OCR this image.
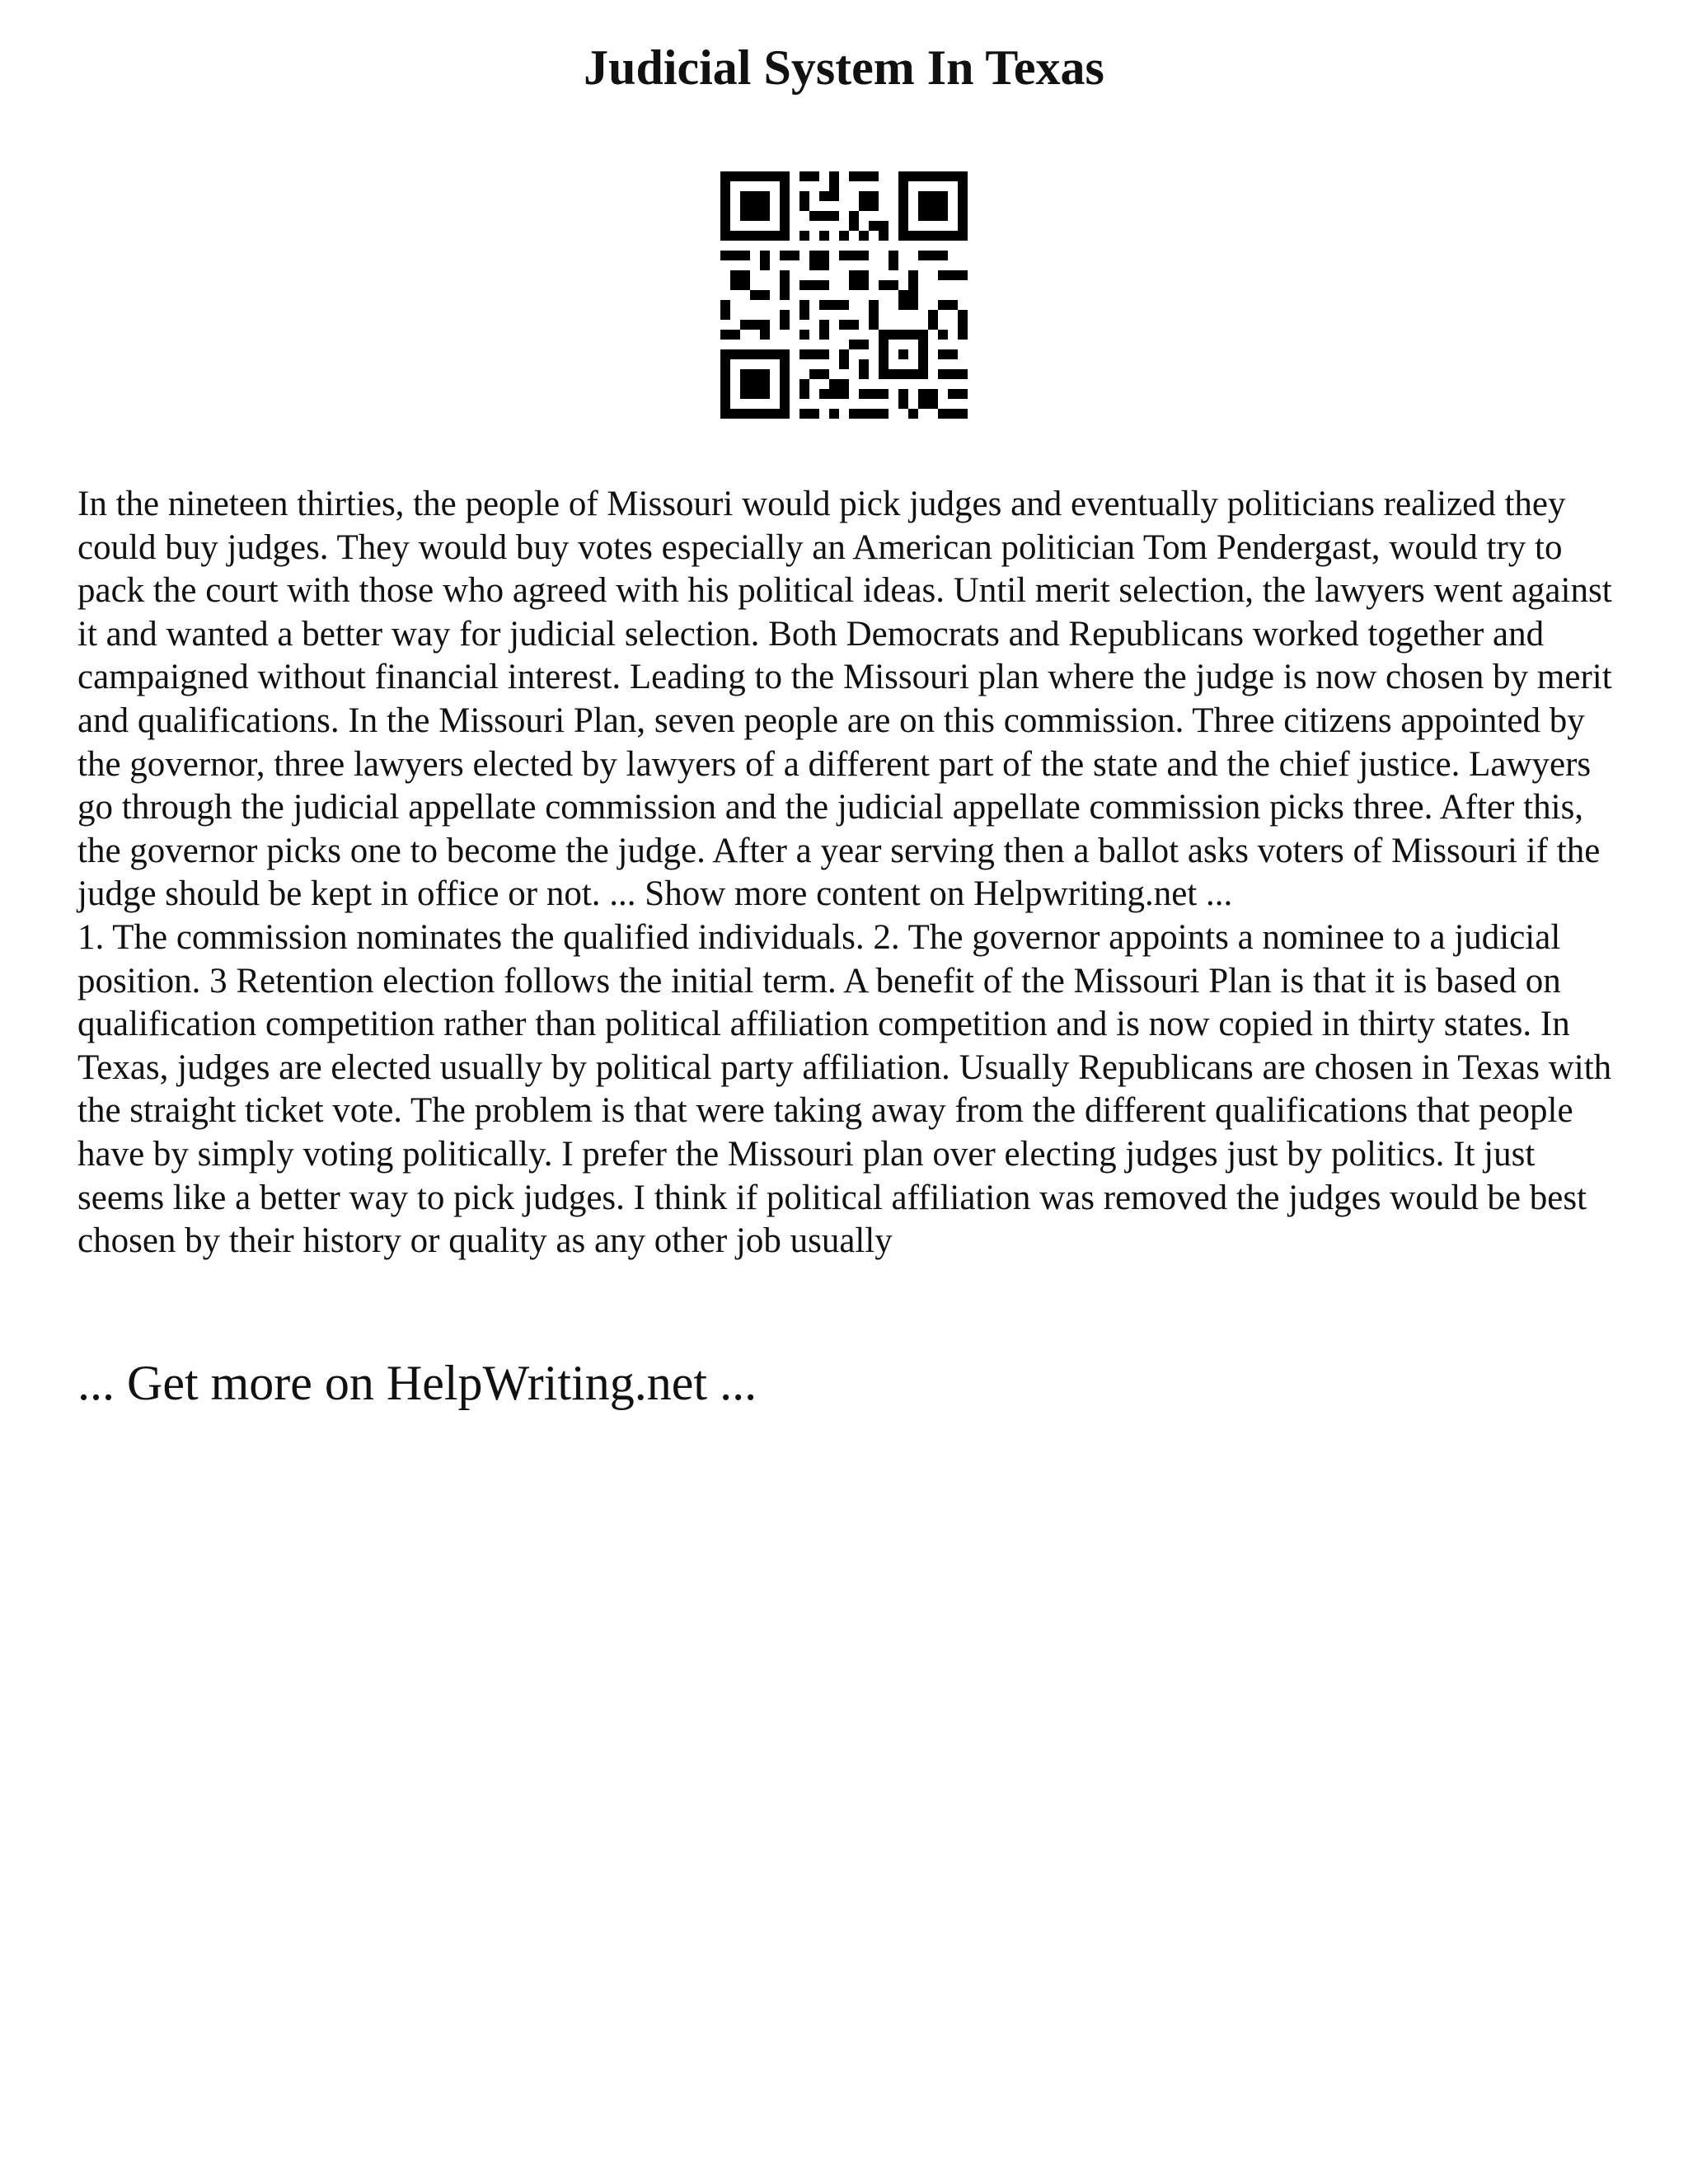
Judicial System In Texas

In the nineteen thirties, the people of Missouri would pick judges and eventually politicians realized they could buy judges. They would buy votes especially an American politician Tom Pendergast, would try to pack the court with those who agreed with his political ideas. Until merit selection, the lawyers went against it and wanted a better way for judicial selection. Both Democrats and Republicans worked together and campaigned without financial interest. Leading to the Missouri plan where the judge is now chosen by merit and qualifications. In the Missouri Plan, seven people are on this commission. Three citizens appointed by the governor, three lawyers elected by lawyers of a different part of the state and the chief justice. Lawyers go through the judicial appellate commission and the judicial appellate commission picks three. After this, the governor picks one to become the judge. After a year serving then a ballot asks voters of Missouri if the judge should be kept in office or not. ... Show more content on Helpwriting.net ...

1. The commission nominates the qualified individuals. 2. The governor appoints a nominee to a judicial position. 3 Retention election follows the initial term. A benefit of the Missouri Plan is that it is based on qualification competition rather than political affiliation competition and is now copied in thirty states. In Texas, judges are elected usually by political party affiliation. Usually Republicans are chosen in Texas with the straight ticket vote. The problem is that were taking away from the different qualifications that people have by simply voting politically. I prefer the Missouri plan over electing judges just by politics. It just seems like a better way to pick judges. I think if political affiliation was removed the judges would be best chosen by their history or quality as any other job usually

... Get more on HelpWriting.net ...
